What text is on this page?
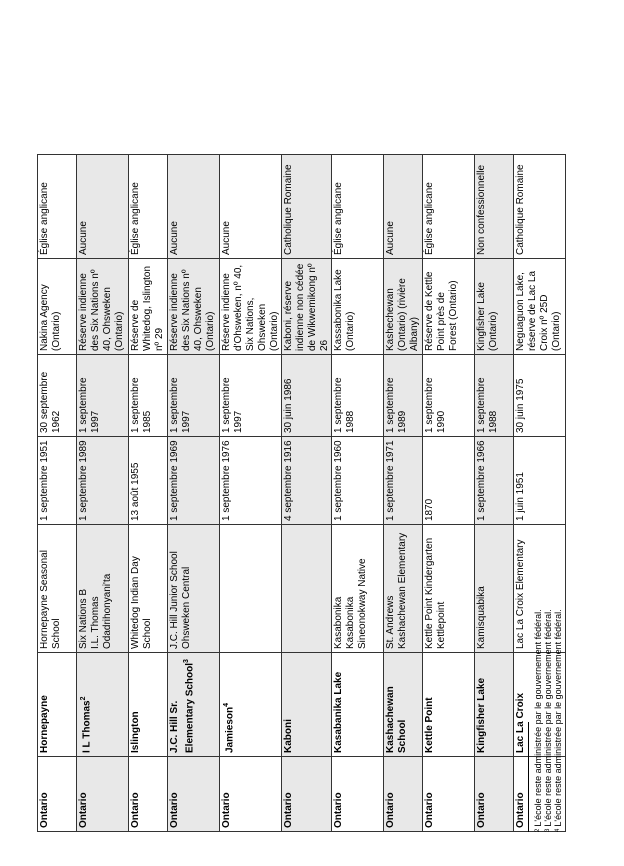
Ontario	Hornepayne	Hornepayne Seasonal School	1 septembre 1951	30 septembre 1962	Nakina Agency (Ontario)	Église anglicane
Ontario	I L Thomas$^2$	Six Nations B
I.L. Thomas
Odadrihonyani'ta	1 septembre 1989	1 septembre 1997	Réserve indienne des Six Nations nº 40, Ohsweken (Ontario)	Aucune
Ontario	Islington	Whitedog Indian Day School	13 août 1955	1 septembre 1985	Réserve de Whitedog, Islington nº 29	Église anglicane
Ontario	J.C. Hill Sr. Elementary School$^3$	J.C. Hill Junior School
Ohsweken Central	1 septembre 1969	1 septembre 1997	Réserve indienne des Six Nations nº 40, Ohsweken (Ontario)	Aucune
Ontario	Jamieson$^4$		1 septembre 1976	1 septembre 1997	Réserve indienne d'Ohsweken, nº 40, Six Nations, Ohsweken (Ontario)	Aucune
Ontario	Kaboni		4 septembre 1916	30 juin 1986	Kaboni, réserve indienne non cédée de Wikwemikong nº 26	Catholique Romaine
Ontario	Kasabanika Lake	Kasabonika
Kasabonika
Sineonokway Native	1 septembre 1960	1 septembre 1988	Kassabonika Lake (Ontario)	Église anglicane
Ontario	Kashachewan School	St. Andrews
Kashachewan Elementary	1 septembre 1971	1 septembre 1989	Kashechewan (Ontario) (rivière Albany)	Aucune
Ontario	Kettle Point	Kettle Point Kindergarten
Kettlepoint	1870	1 septembre 1990	Réserve de Kettle Point près de Forest (Ontario)	Église anglicane
Ontario	Kingfisher Lake	Kamisquabika	1 septembre 1966	1 septembre 1988	Kingfisher Lake (Ontario)	Non confessionnelle
Ontario	Lac La Croix	Lac La Croix Elementary	1 juin 1951	30 juin 1975	Neguaguon Lake, réserve de Lac La Croix nº 25D (Ontario)	Catholique Romaine
$^2$L'école reste administrée par le gouvernement fédéral.
$^3$L'école reste administrée par le gouvernement fédéral.
$^4$L'école reste administrée par le gouvernement fédéral.
